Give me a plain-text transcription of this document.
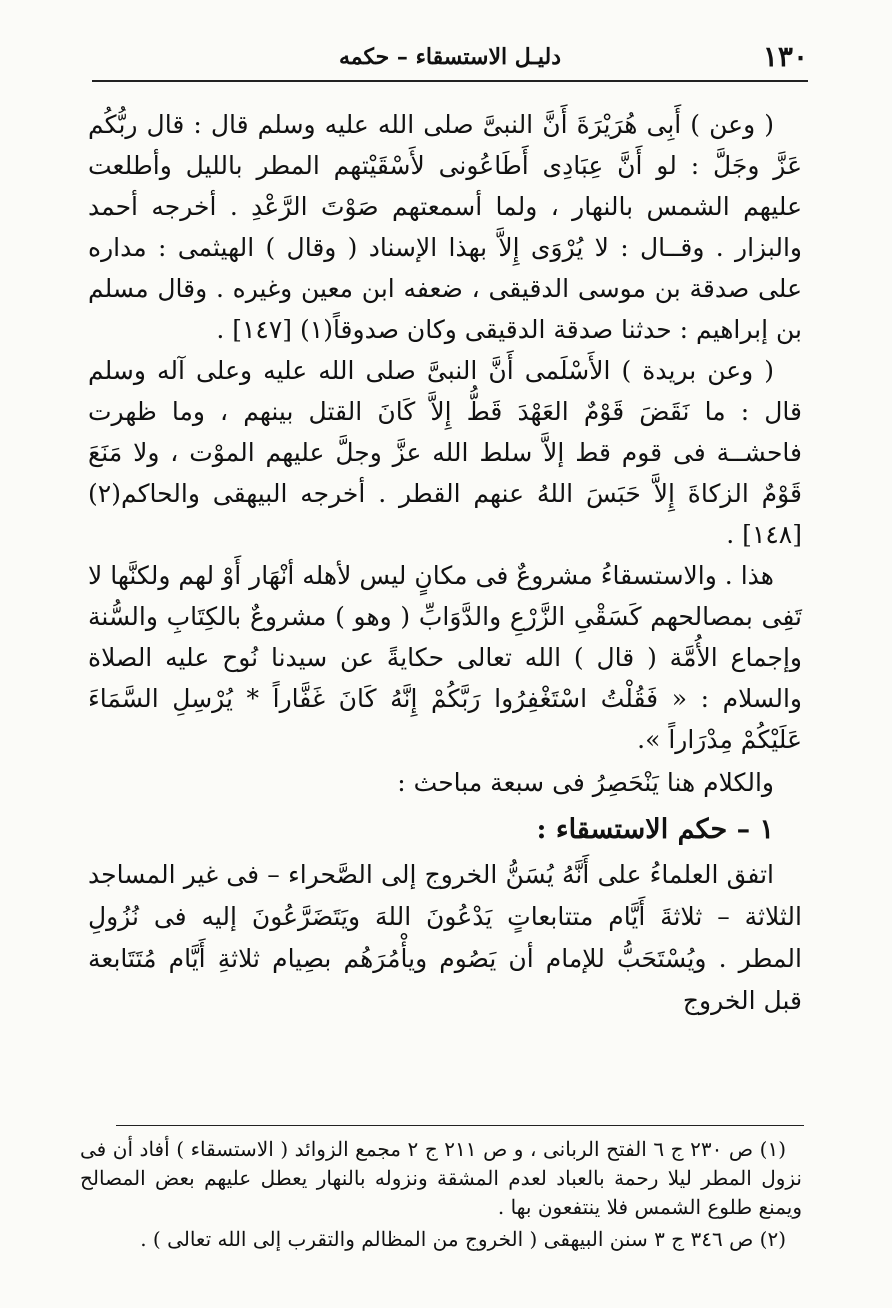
١٣٠
دليـل الاستسقاء – حكمه

( وعن ) أَبِى هُرَيْرَةَ أَنَّ النبىَّ صلى الله عليه وسلم قال : قال ربُّكُم عَزَّ وجَلَّ : لو أَنَّ عِبَادِى أَطَاعُونى لأَسْقَيْتهم المطر بالليل وأطلعت عليهم الشمس بالنهار ، ولما أسمعتهم صَوْتَ الرَّعْدِ . أخرجه أحمد والبزار . وقــال : لا يُرْوَى إِلاَّ بهذا الإسناد ( وقال ) الهيثمى : مداره على صدقة بن موسى الدقيقى ، ضعفه ابن معين وغيره . وقال مسلم بن إبراهيم : حدثنا صدقة الدقيقى وكان صدوقاً(١) [١٤٧] .

( وعن بريدة ) الأَسْلَمى أَنَّ النبىَّ صلى الله عليه وعلى آله وسلم قال : ما نَقَضَ قَوْمٌ العَهْدَ قَطُّ إِلاَّ كَانَ القتل بينهم ، وما ظهرت فاحشــة فى قوم قط إلاَّ سلط الله عزَّ وجلَّ عليهم الموْت ، ولا مَنَعَ قَوْمٌ الزكاةَ إِلاَّ حَبَسَ اللهُ عنهم القطر . أخرجه البيهقى والحاكم(٢) [١٤٨] .

هذا . والاستسقاءُ مشروعٌ فى مكانٍ ليس لأهله أنْهَار أَوْ لهم ولكنَّها لا تَفِى بمصالحهم كَسَقْىِ الزَّرْعِ والدَّوَابِّ ( وهو ) مشروعٌ بالكِتَابِ والسُّنة وإجماع الأُمَّة ( قال ) الله تعالى حكايةً عن سيدنا نُوح عليه الصلاة والسلام : « فَقُلْتُ اسْتَغْفِرُوا رَبَّكُمْ إِنَّهُ كَانَ غَفَّاراً * يُرْسِلِ السَّمَاءَ عَلَيْكُمْ مِدْرَاراً ».

والكلام هنا يَنْحَصِرُ فى سبعة مباحث :

١ – حكم الاستسقاء :

اتفق العلماءُ على أَنَّهُ يُسَنُّ الخروج إلى الصَّحراء – فى غير المساجد الثلاثة – ثلاثةَ أَيَّام متتابعاتٍ يَدْعُونَ اللهَ ويَتَضَرَّعُونَ إليه فى نُزُولِ المطر . ويُسْتَحَبُّ للإمام أن يَصُوم ويأْمُرَهُم بصِيام ثلاثةِ أَيَّام مُتَتَابعة قبل الخروج

(١) ص ٢٣٠ ج ٦ الفتح الربانى ، و ص ٢١١ ج ٢ مجمع الزوائد ( الاستسقاء ) أفاد أن فى نزول المطر ليلا رحمة بالعباد لعدم المشقة ونزوله بالنهار يعطل عليهم بعض المصالح ويمنع طلوع الشمس فلا ينتفعون بها .

(٢) ص ٣٤٦ ج ٣ سنن البيهقى ( الخروج من المظالم والتقرب إلى الله تعالى ) .
